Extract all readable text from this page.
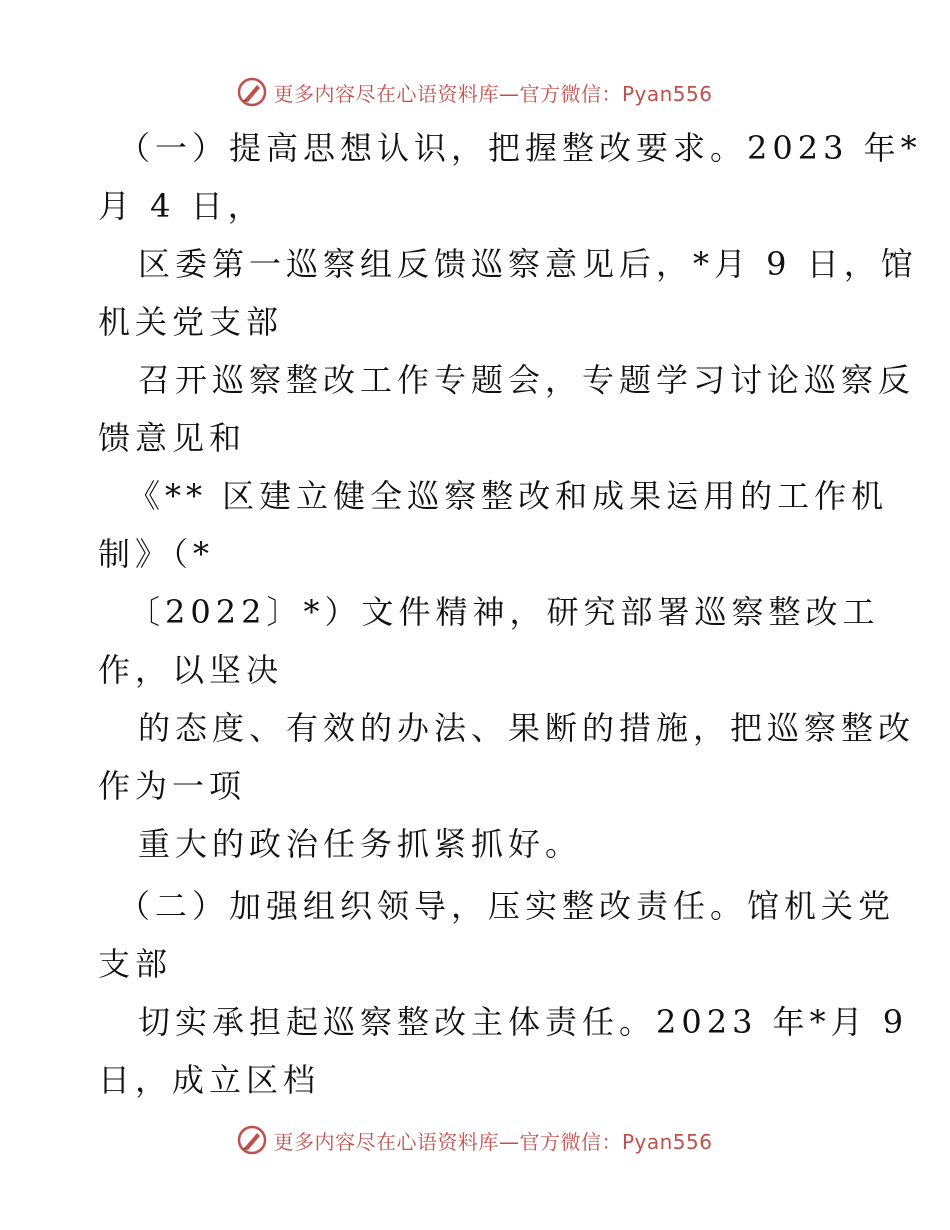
更多内容尽在心语资料库—官方微信：Pyan556
（一）提高思想认识，把握整改要求。2023 年*
月 4 日，
区委第一巡察组反馈巡察意见后，*月 9 日，馆
机关党支部
召开巡察整改工作专题会，专题学习讨论巡察反
馈意见和
《** 区建立健全巡察整改和成果运用的工作机
制》（*
〔2022〕*）文件精神，研究部署巡察整改工
作，以坚决
的态度、有效的办法、果断的措施，把巡察整改
作为一项
重大的政治任务抓紧抓好。
（二）加强组织领导，压实整改责任。馆机关党
支部
切实承担起巡察整改主体责任。2023 年*月 9
日，成立区档
更多内容尽在心语资料库—官方微信：Pyan556
